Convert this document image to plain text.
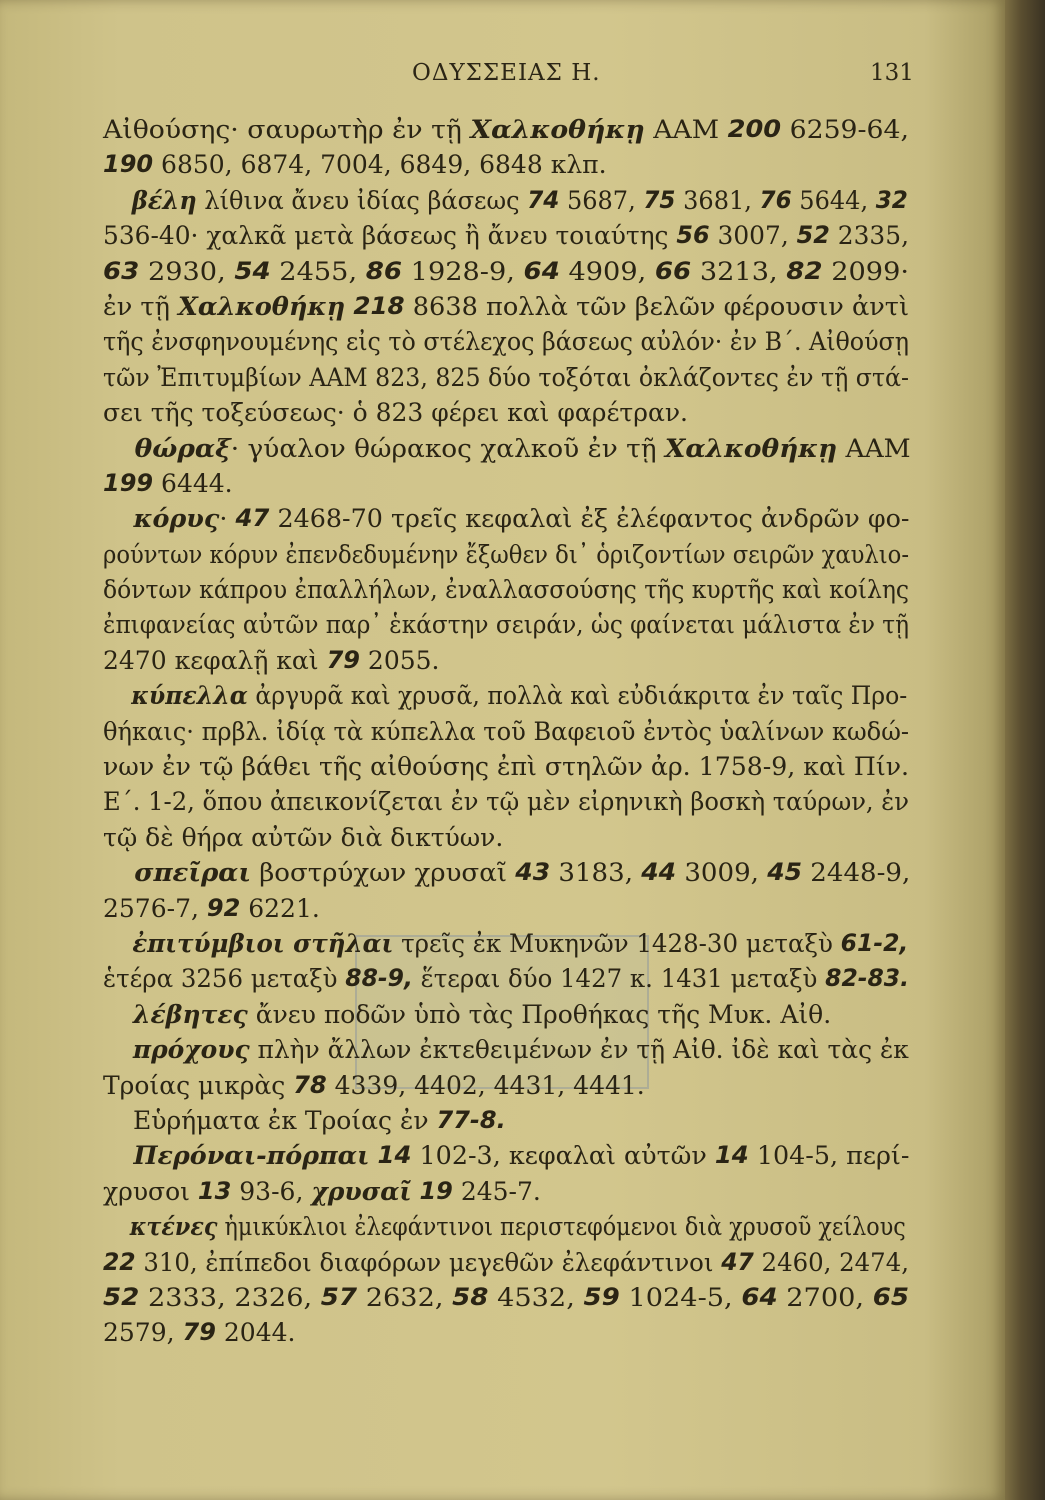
ΟΔΥΣΣΕΙΑΣ Η.	131
Αἰθούσης· σαυρωτὴρ ἐν τῇ Χαλκοθήκῃ ΑΑΜ 200 6259-64,
190 6850, 6874, 7004, 6849, 6848 κλπ.
βέλη λίθινα ἄνευ ἰδίας βάσεως 74 5687, 75 3681, 76 5644, 32
536-40· χαλκᾶ μετὰ βάσεως ἢ ἄνευ τοιαύτης 56 3007, 52 2335,
63 2930, 54 2455, 86 1928-9, 64 4909, 66 3213, 82 2099·
ἐν τῇ Χαλκοθήκῃ
218 8638 πολλὰ τῶν βελῶν φέρουσιν ἀντὶ
τῆς ἐνσφηνουμένης εἰς τὸ στέλεχος βάσεως αὐλόν· ἐν Β΄. Αἰθούσῃ
τῶν Ἐπιτυμβίων ΑΑΜ 823, 825 δύο τοξόται ὀκλάζοντες ἐν τῇ στά-
σει τῆς τοξεύσεως· ὁ 823 φέρει καὶ φαρέτραν.
θώραξ · γύαλον θώρακος χαλκοῦ ἐν τῇ Χαλκοθήκῃ ΑΑΜ
199 6444.
κόρυς · 47 2468-70 τρεῖς κεφαλαὶ ἐξ ἐλέφαντος ἀνδρῶν φο-
ρούντων κόρυν ἐπενδεδυμένην ἔξωθεν δι᾽ ὁριζοντίων σειρῶν χαυλιο-
δόντων κάπρου ἐπαλλήλων, ἐναλλασσούσης τῆς κυρτῆς καὶ κοίλης
ἐπιφανείας αὐτῶν παρ᾽ ἑκάστην σειράν, ὡς φαίνεται μάλιστα ἐν τῇ
2470 κεφαλῇ καὶ 79 2055.
κύπελλα ἀργυρᾶ καὶ χρυσᾶ, πολλὰ καὶ εὐδιάκριτα ἐν ταῖς Προ-
θήκαις· πρβλ. ἰδίᾳ τὰ κύπελλα τοῦ Βαφειοῦ ἐντὸς ὑαλίνων κωδώ-
νων ἐν τῷ βάθει τῆς αἰθούσης ἐπὶ στηλῶν ἀρ. 1758-9, καὶ Πίν.
Ε΄. 1-2, ὅπου ἀπεικονίζεται ἐν τῷ μὲν εἰρηνικὴ βοσκὴ ταύρων, ἐν
τῷ δὲ θήρα αὐτῶν διὰ δικτύων.
σπεῖραι βοστρύχων χρυσαῖ 43 3183, 44 3009, 45 2448-9,
2576-7, 92 6221.
ἐπιτύμβιοι στῆλαι τρεῖς ἐκ Μυκηνῶν 1428-30 μεταξὺ 61-2,
ἑτέρα 3256 μεταξὺ 88-9, ἕτεραι δύο 1427 κ. 1431 μεταξὺ 82-83.
λέβητες ἄνευ ποδῶν ὑπὸ τὰς Προθήκας τῆς Μυκ. Αἰθ.
πρόχους πλὴν ἄλλων ἐκτεθειμένων ἐν τῇ Αἰθ. ἰδὲ καὶ τὰς ἐκ
Τροίας μικρὰς 78 4339, 4402, 4431, 4441.
Εὑρήματα ἐκ Τροίας ἐν 77-8.
Περόναι-πόρπαι
14 102-3, κεφαλαὶ αὐτῶν 14 104-5, περί-
χρυσοι 13 93-6, χρυσαῖ
19 245-7.
κτένες ἡμικύκλιοι ἐλεφάντινοι περιστεφόμενοι διὰ χρυσοῦ χείλους
22 310, ἐπίπεδοι διαφόρων μεγεθῶν ἐλεφάντινοι 47 2460, 2474,
52 2333, 2326, 57 2632, 58 4532, 59 1024-5, 64 2700, 65
2579, 79 2044.
